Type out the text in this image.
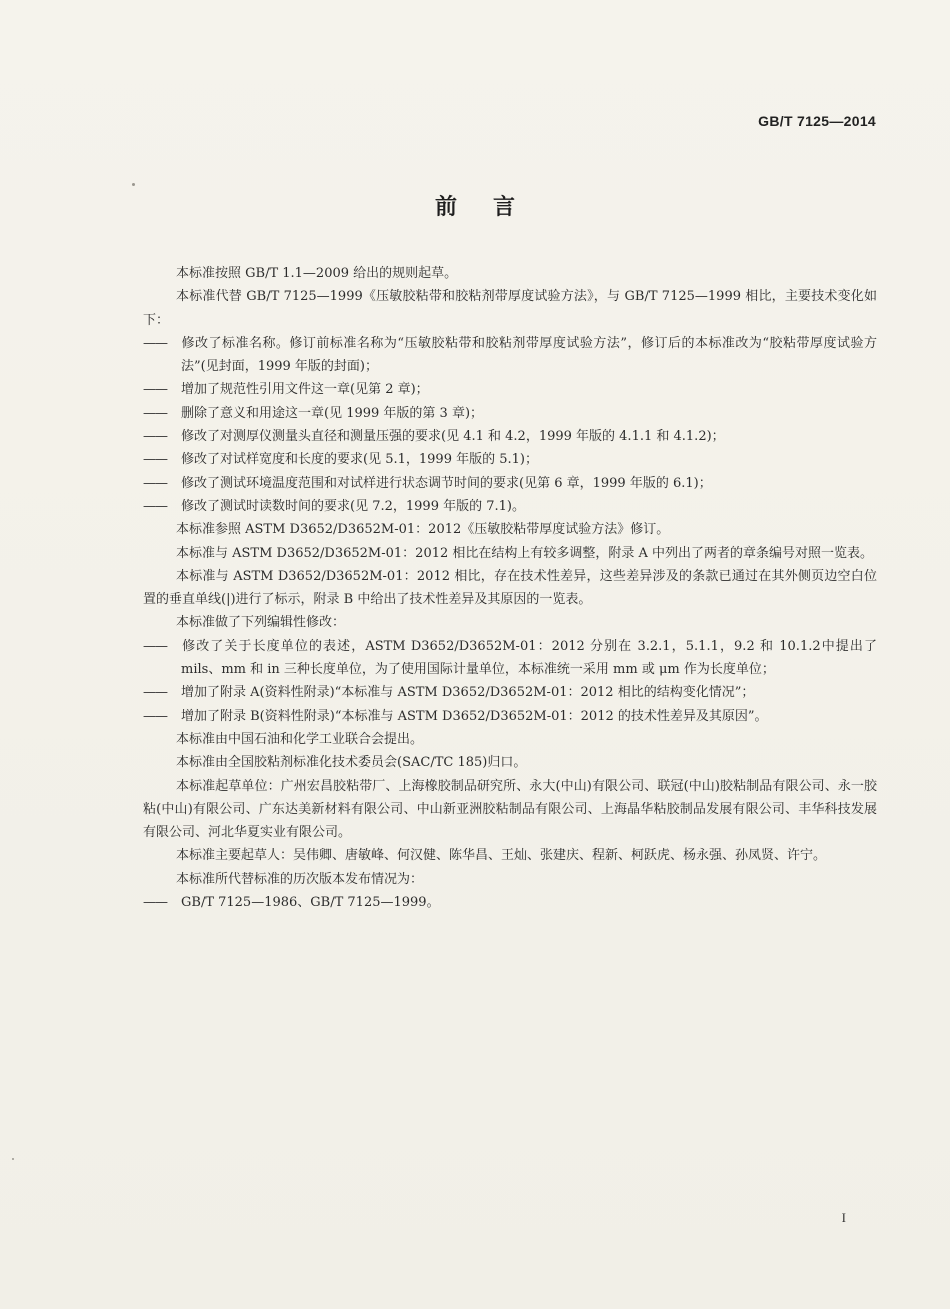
GB/T 7125—2014
前言

本标准按照 GB/T 1.1—2009 给出的规则起草。

本标准代替 GB/T 7125—1999《压敏胶粘带和胶粘剂带厚度试验方法》，与 GB/T 7125—1999 相比，主要技术变化如下：

—— 修改了标准名称。修订前标准名称为“压敏胶粘带和胶粘剂带厚度试验方法”，修订后的本标准改为“胶粘带厚度试验方法”(见封面，1999 年版的封面)；

—— 增加了规范性引用文件这一章(见第 2 章)；

—— 删除了意义和用途这一章(见 1999 年版的第 3 章)；

—— 修改了对测厚仪测量头直径和测量压强的要求(见 4.1 和 4.2，1999 年版的 4.1.1 和 4.1.2)；

—— 修改了对试样宽度和长度的要求(见 5.1，1999 年版的 5.1)；

—— 修改了测试环境温度范围和对试样进行状态调节时间的要求(见第 6 章，1999 年版的 6.1)；

—— 修改了测试时读数时间的要求(见 7.2，1999 年版的 7.1)。

本标准参照 ASTM D3652/D3652M-01：2012《压敏胶粘带厚度试验方法》修订。

本标准与 ASTM D3652/D3652M-01：2012 相比在结构上有较多调整，附录 A 中列出了两者的章条编号对照一览表。

本标准与 ASTM D3652/D3652M-01：2012 相比，存在技术性差异，这些差异涉及的条款已通过在其外侧页边空白位置的垂直单线(|)进行了标示，附录 B 中给出了技术性差异及其原因的一览表。

本标准做了下列编辑性修改：

—— 修改了关于长度单位的表述，ASTM D3652/D3652M-01：2012 分别在 3.2.1，5.1.1，9.2 和 10.1.2中提出了 mils、mm 和 in 三种长度单位，为了使用国际计量单位，本标准统一采用 mm 或 μm 作为长度单位；

—— 增加了附录 A(资料性附录)“本标准与 ASTM D3652/D3652M-01：2012 相比的结构变化情况”；

—— 增加了附录 B(资料性附录)“本标准与 ASTM D3652/D3652M-01：2012 的技术性差异及其原因”。

本标准由中国石油和化学工业联合会提出。

本标准由全国胶粘剂标准化技术委员会(SAC/TC 185)归口。

本标准起草单位：广州宏昌胶粘带厂、上海橡胶制品研究所、永大(中山)有限公司、联冠(中山)胶粘制品有限公司、永一胶粘(中山)有限公司、广东达美新材料有限公司、中山新亚洲胶粘制品有限公司、上海晶华粘胶制品发展有限公司、丰华科技发展有限公司、河北华夏实业有限公司。

本标准主要起草人：吴伟卿、唐敏峰、何汉健、陈华昌、王灿、张建庆、程新、柯跃虎、杨永强、孙凤贤、许宁。

本标准所代替标准的历次版本发布情况为：

—— GB/T 7125—1986、GB/T 7125—1999。

I
